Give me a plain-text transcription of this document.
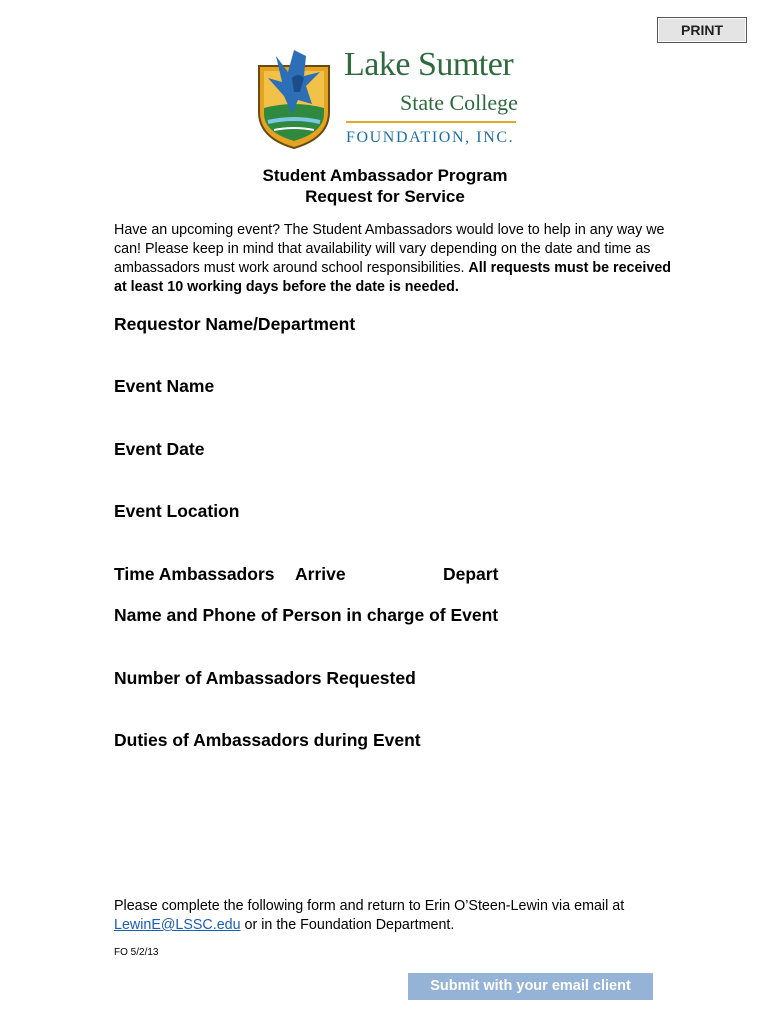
PRINT
Lake Sumter
State College
FOUNDATION, INC.
Student Ambassador Program
Request for Service

Have an upcoming event? The Student Ambassadors would love to help in any way we can! Please keep in mind that availability will vary depending on the date and time as ambassadors must work around school responsibilities. All requests must be received at least 10 working days before the date is needed.

Requestor Name/Department
Event Name
Event Date
Event Location
Time Ambassadors Arrive	Depart
Name and Phone of Person in charge of Event
Number of Ambassadors Requested
Duties of Ambassadors during Event

Please complete the following form and return to Erin O’Steen-Lewin via email at LewinE@LSSC.edu or in the Foundation Department.

FO 5/2/13
Submit with your email client
